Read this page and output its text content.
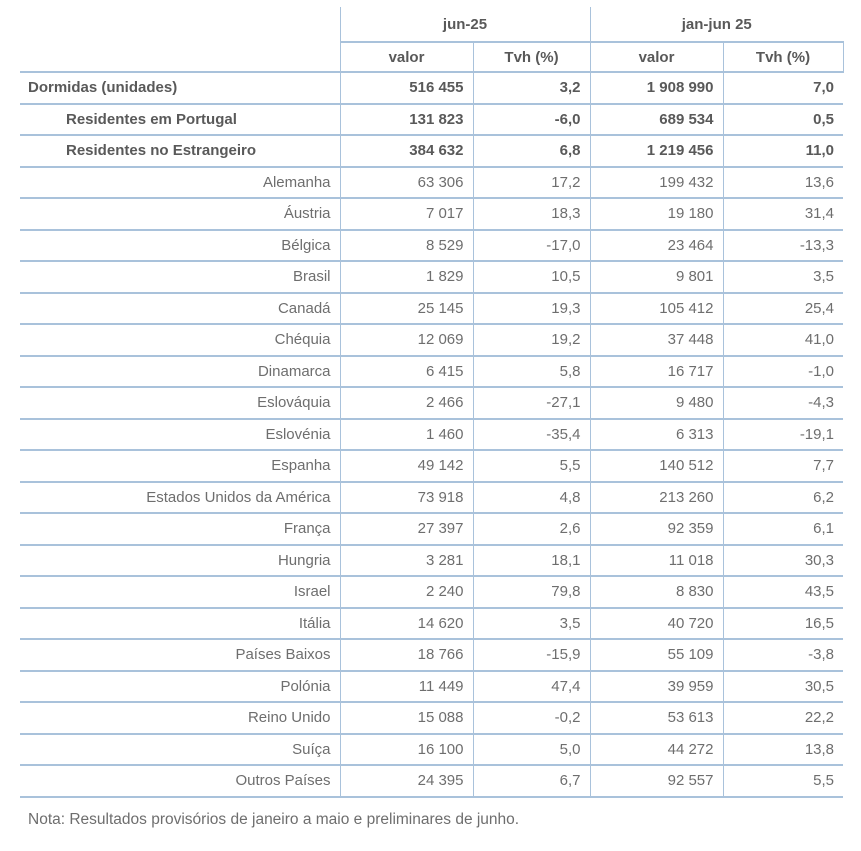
	jun-25		jan-jun 25	
	valor	Tvh (%)	valor	Tvh (%)
Dormidas (unidades)	516 455	3,2	1 908 990	7,0
Residentes em Portugal	131 823	-6,0	689 534	0,5
Residentes no Estrangeiro	384 632	6,8	1 219 456	11,0
Alemanha	63 306	17,2	199 432	13,6
Áustria	7 017	18,3	19 180	31,4
Bélgica	8 529	-17,0	23 464	-13,3
Brasil	1 829	10,5	9 801	3,5
Canadá	25 145	19,3	105 412	25,4
Chéquia	12 069	19,2	37 448	41,0
Dinamarca	6 415	5,8	16 717	-1,0
Eslováquia	2 466	-27,1	9 480	-4,3
Eslovénia	1 460	-35,4	6 313	-19,1
Espanha	49 142	5,5	140 512	7,7
Estados Unidos da América	73 918	4,8	213 260	6,2
França	27 397	2,6	92 359	6,1
Hungria	3 281	18,1	11 018	30,3
Israel	2 240	79,8	8 830	43,5
Itália	14 620	3,5	40 720	16,5
Países Baixos	18 766	-15,9	55 109	-3,8
Polónia	11 449	47,4	39 959	30,5
Reino Unido	15 088	-0,2	53 613	22,2
Suíça	16 100	5,0	44 272	13,8
Outros Países	24 395	6,7	92 557	5,5

Nota: Resultados provisórios de janeiro a maio e preliminares de junho.
